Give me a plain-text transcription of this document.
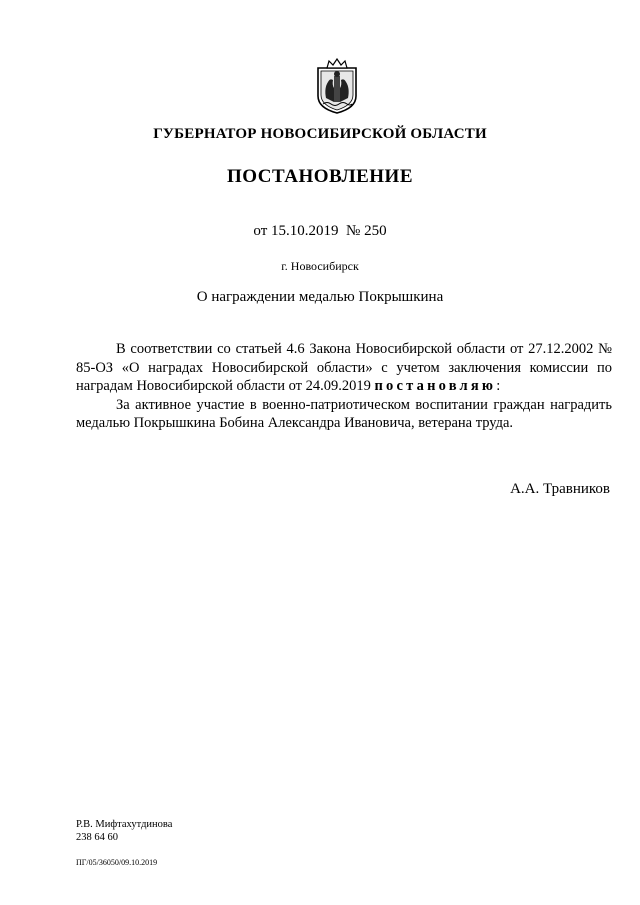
ГУБЕРНАТОР НОВОСИБИРСКОЙ ОБЛАСТИ
ПОСТАНОВЛЕНИЕ
от 15.10.2019  № 250
г. Новосибирск
О награждении медалью Покрышкина

В соответствии со статьей 4.6 Закона Новосибирской области от 27.12.2002 № 85-ОЗ «О наградах Новосибирской области» с учетом заключения комиссии по наградам Новосибирской области от 24.09.2019 постановляю:

За активное участие в военно-патриотическом воспитании граждан наградить медалью Покрышкина Бобина Александра Ивановича, ветерана труда.

А.А. Травников
Р.В. Мифтахутдинова
238 64 60
ПГ/05/36050/09.10.2019
